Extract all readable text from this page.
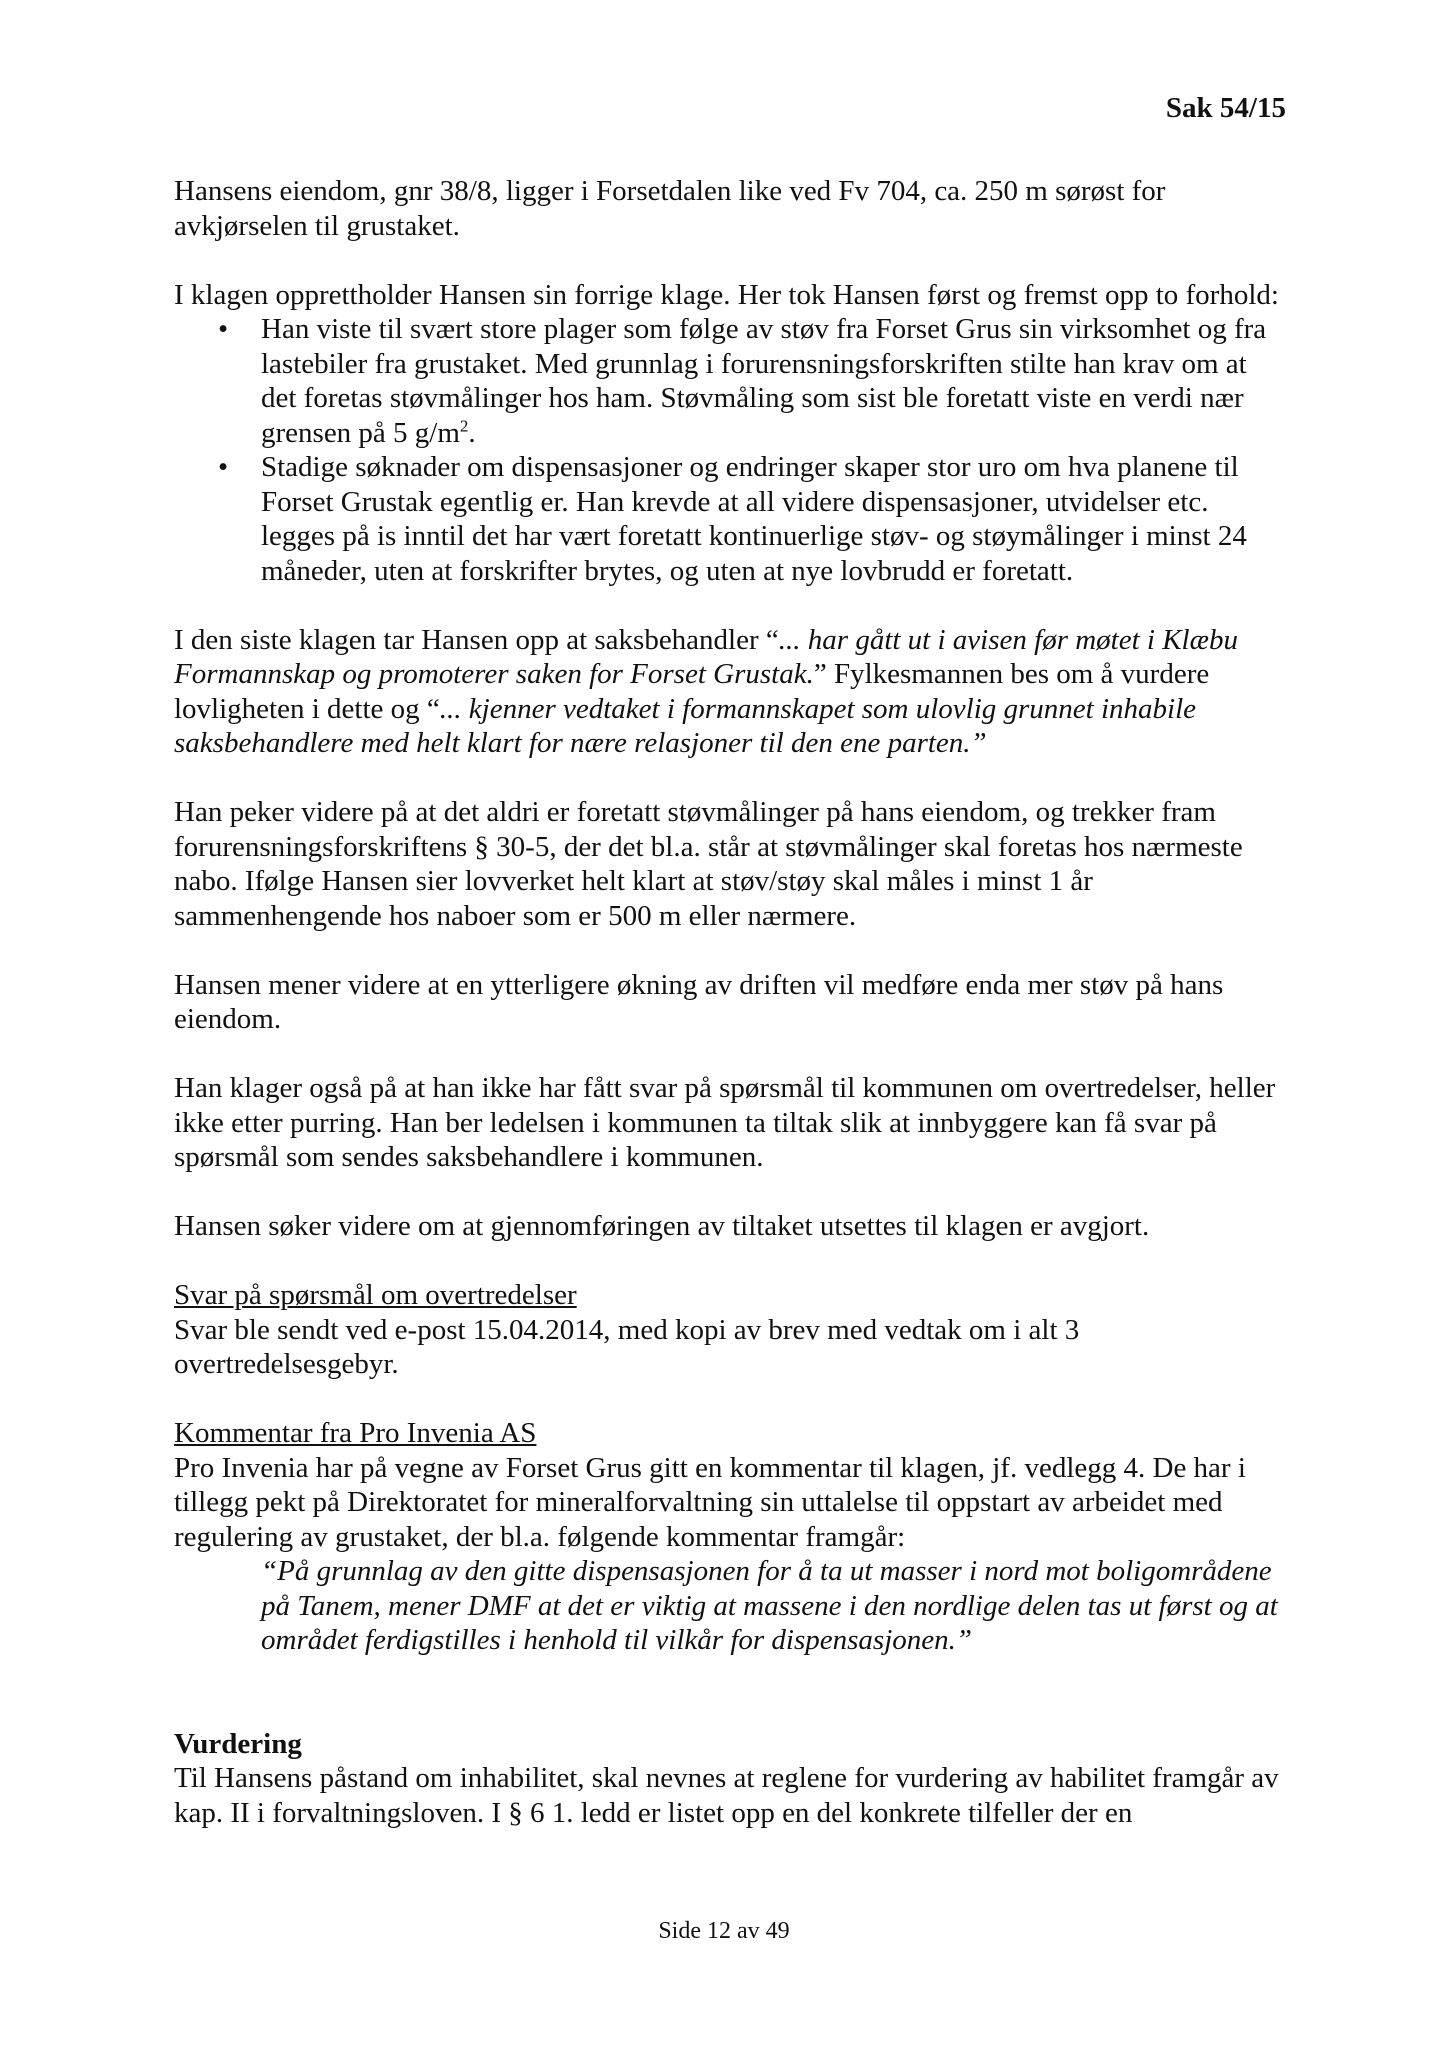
Sak 54/15

Hansens eiendom, gnr 38/8, ligger i Forsetdalen like ved Fv 704, ca. 250 m sørøst for avkjørselen til grustaket.

I klagen opprettholder Hansen sin forrige klage. Her tok Hansen først og fremst opp to forhold:

• Han viste til svært store plager som følge av støv fra Forset Grus sin virksomhet og fra lastebiler fra grustaket. Med grunnlag i forurensningsforskriften stilte han krav om at det foretas støvmålinger hos ham. Støvmåling som sist ble foretatt viste en verdi nær grensen på 5 $g/m^2$.
• Stadige søknader om dispensasjoner og endringer skaper stor uro om hva planene til Forset Grustak egentlig er. Han krevde at all videre dispensasjoner, utvidelser etc. legges på is inntil det har vært foretatt kontinuerlige støv- og støymålinger i minst 24 måneder, uten at forskrifter brytes, og uten at nye lovbrudd er foretatt.

I den siste klagen tar Hansen opp at saksbehandler “... har gått ut i avisen før møtet i Klæbu Formannskap og promoterer saken for Forset Grustak.” Fylkesmannen bes om å vurdere lovligheten i dette og “... kjenner vedtaket i formannskapet som ulovlig grunnet inhabile saksbehandlere med helt klart for nære relasjoner til den ene parten.”

Han peker videre på at det aldri er foretatt støvmålinger på hans eiendom, og trekker fram forurensningsforskriftens § 30-5, der det bl.a. står at støvmålinger skal foretas hos nærmeste nabo. Ifølge Hansen sier lovverket helt klart at støv/støy skal måles i minst 1 år sammenhengende hos naboer som er 500 m eller nærmere.

Hansen mener videre at en ytterligere økning av driften vil medføre enda mer støv på hans eiendom.

Han klager også på at han ikke har fått svar på spørsmål til kommunen om overtredelser, heller ikke etter purring. Han ber ledelsen i kommunen ta tiltak slik at innbyggere kan få svar på spørsmål som sendes saksbehandlere i kommunen.

Hansen søker videre om at gjennomføringen av tiltaket utsettes til klagen er avgjort.

Svar på spørsmål om overtredelser
Svar ble sendt ved e-post 15.04.2014, med kopi av brev med vedtak om i alt 3 overtredelsesgebyr.

Kommentar fra Pro Invenia AS
Pro Invenia har på vegne av Forset Grus gitt en kommentar til klagen, jf. vedlegg 4. De har i tillegg pekt på Direktoratet for mineralforvaltning sin uttalelse til oppstart av arbeidet med regulering av grustaket, der bl.a. følgende kommentar framgår:

“På grunnlag av den gitte dispensasjonen for å ta ut masser i nord mot boligområdene på Tanem, mener DMF at det er viktig at massene i den nordlige delen tas ut først og at området ferdigstilles i henhold til vilkår for dispensasjonen.”
Vurdering

Til Hansens påstand om inhabilitet, skal nevnes at reglene for vurdering av habilitet framgår av kap. II i forvaltningsloven. I § 6 1. ledd er listet opp en del konkrete tilfeller der en

Side 12 av 49
